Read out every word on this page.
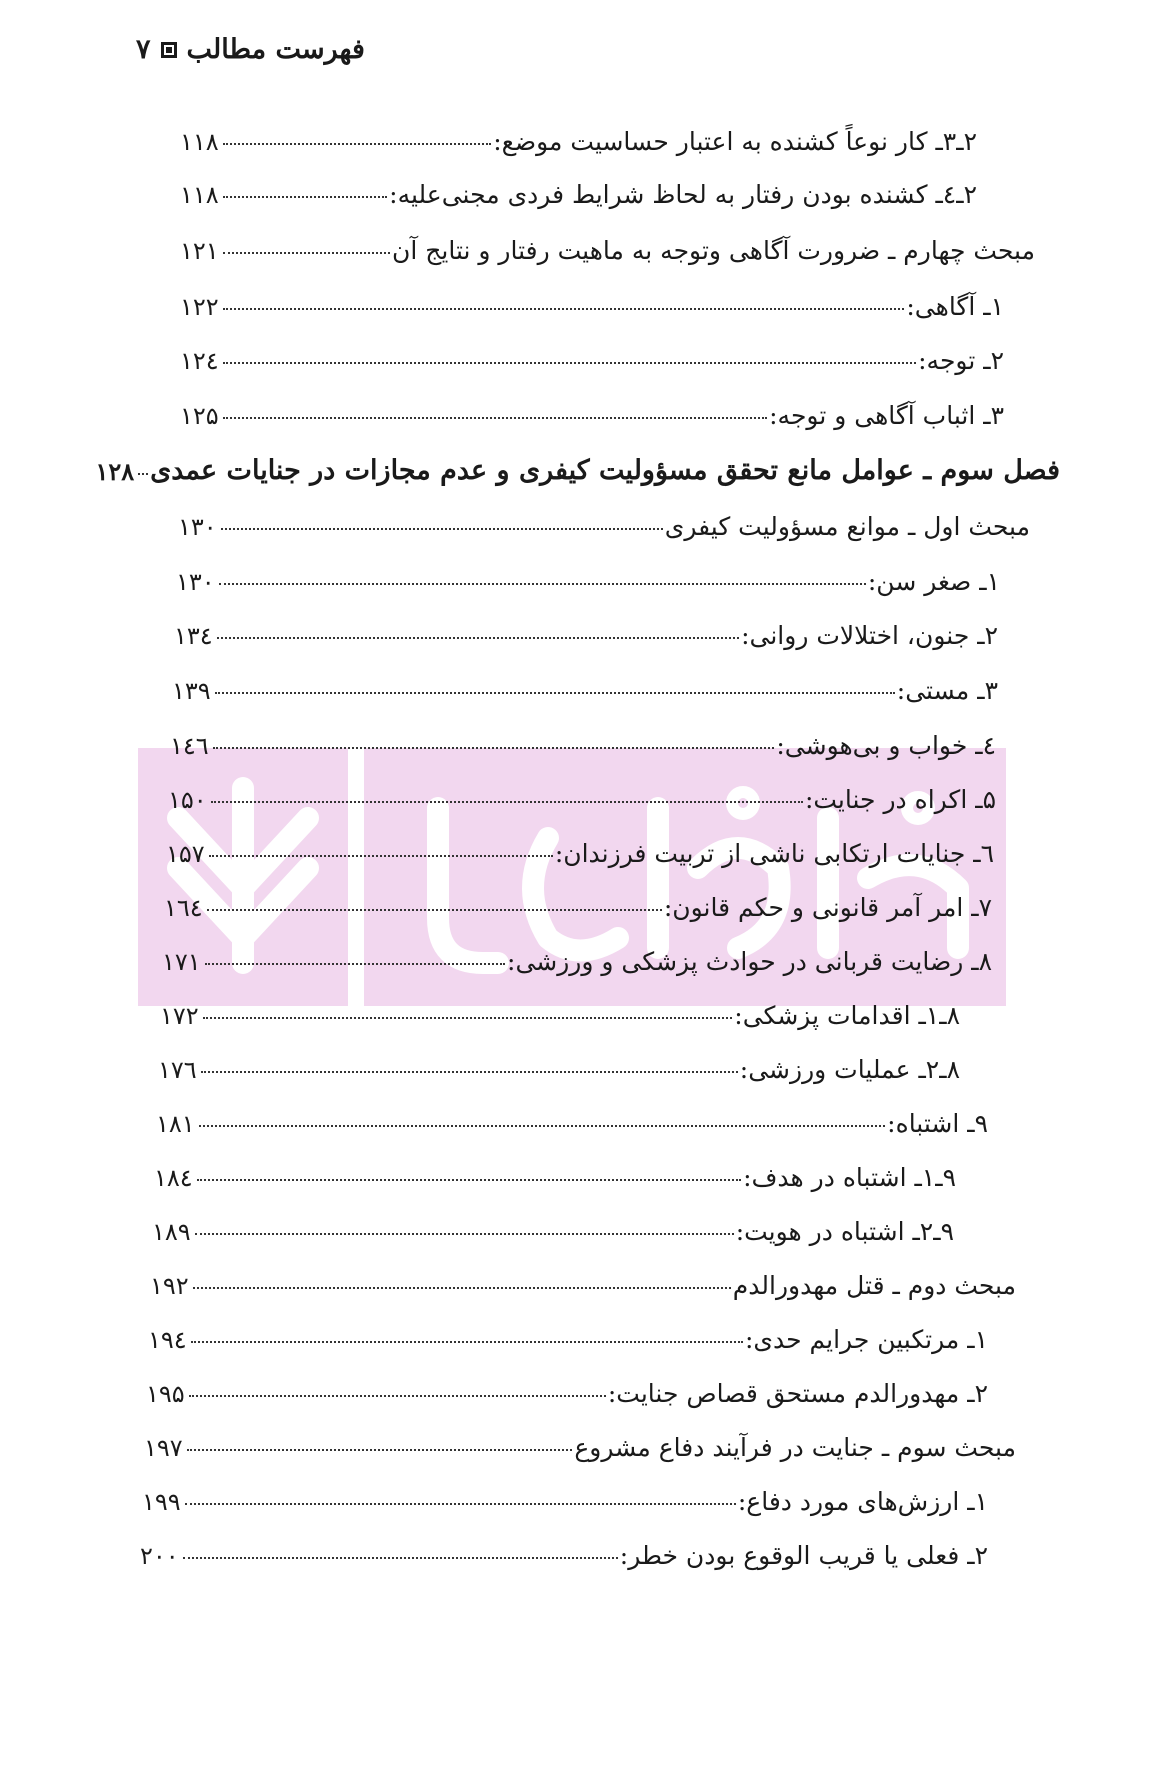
فهرست مطالب
۷
۲ـ۳ـ کار نوعاً کشنده به اعتبار حساسیت موضع:
۱۱۸
۲ـ٤ـ کشنده بودن رفتار به لحاظ شرایط فردی مجنی‌علیه:
۱۱۸
مبحث چهارم ـ ضرورت آگاهی وتوجه به ماهیت رفتار و نتایج آن
۱۲۱
۱ـ آگاهی:
۱۲۲
۲ـ توجه:
۱۲٤
۳ـ اثباب آگاهی و توجه:
۱۲۵
فصل سوم ـ عوامل مانع تحقق مسؤولیت کیفری و عدم مجازات در جنایات عمدی
۱۲۸
مبحث اول ـ موانع مسؤولیت کیفری
۱۳۰
۱ـ صغر سن:
۱۳۰
۲ـ جنون، اختلالات روانی:
۱۳٤
۳ـ مستی:
۱۳۹
٤ـ خواب و بی‌هوشی:
۱٤٦
۵ـ اکراه در جنایت:
۱۵۰
٦ـ جنایات ارتکابی ناشی از تربیت فرزندان:
۱۵۷
۷ـ امر آمر قانونی و حکم قانون:
۱٦٤
۸ـ رضایت قربانی در حوادث پزشکی و ورزشی:
۱۷۱
۸ـ۱ـ اقدامات پزشکی:
۱۷۲
۸ـ۲ـ عملیات ورزشی:
۱۷٦
۹ـ اشتباه:
۱۸۱
۹ـ۱ـ اشتباه در هدف:
۱۸٤
۹ـ۲ـ اشتباه در هویت:
۱۸۹
مبحث دوم ـ قتل مهدورالدم
۱۹۲
۱ـ مرتکبین جرایم حدی:
۱۹٤
۲ـ مهدورالدم مستحق قصاص جنایت:
۱۹۵
مبحث سوم ـ جنایت در فرآیند دفاع مشروع
۱۹۷
۱ـ ارزش‌های مورد دفاع:
۱۹۹
۲ـ فعلی یا قریب الوقوع بودن خطر:
۲۰۰
